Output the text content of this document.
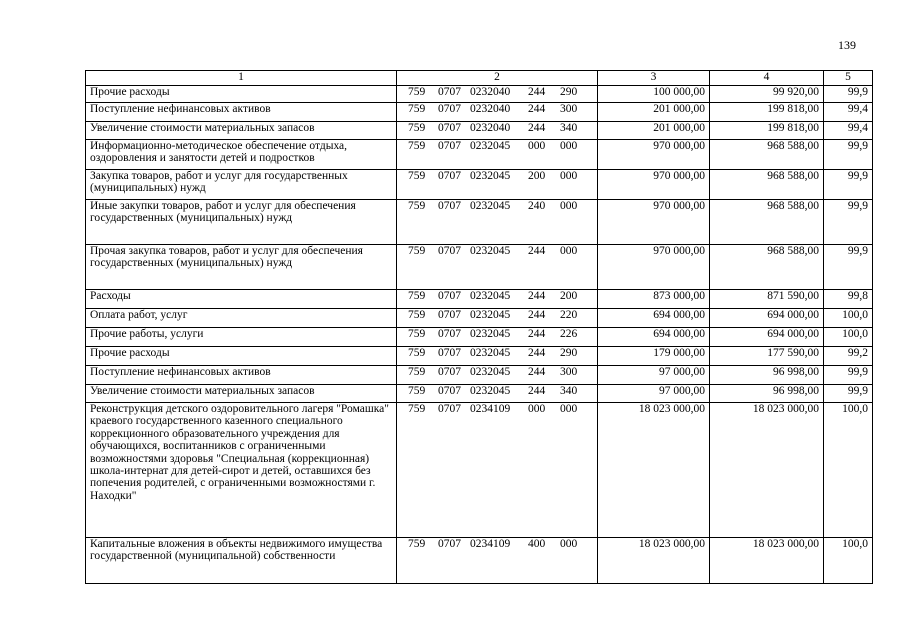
139
1	2	3	4	5
Прочие расходы	759 0707 0232040 244 290	100 000,00	99 920,00	99,9
Поступление нефинансовых активов	759 0707 0232040 244 300	201 000,00	199 818,00	99,4
Увеличение стоимости материальных запасов	759 0707 0232040 244 340	201 000,00	199 818,00	99,4
Информационно-методическое обеспечение отдыха, оздоровления и занятости детей и подростков	759 0707 0232045 000 000	970 000,00	968 588,00	99,9
Закупка товаров, работ и услуг для государственных (муниципальных) нужд	759 0707 0232045 200 000	970 000,00	968 588,00	99,9
Иные закупки товаров, работ и услуг для обеспечения государственных (муниципальных) нужд	759 0707 0232045 240 000	970 000,00	968 588,00	99,9
Прочая закупка товаров, работ и услуг для обеспечения государственных (муниципальных) нужд	759 0707 0232045 244 000	970 000,00	968 588,00	99,9
Расходы	759 0707 0232045 244 200	873 000,00	871 590,00	99,8
Оплата работ, услуг	759 0707 0232045 244 220	694 000,00	694 000,00	100,0
Прочие работы, услуги	759 0707 0232045 244 226	694 000,00	694 000,00	100,0
Прочие расходы	759 0707 0232045 244 290	179 000,00	177 590,00	99,2
Поступление нефинансовых активов	759 0707 0232045 244 300	97 000,00	96 998,00	99,9
Увеличение стоимости материальных запасов	759 0707 0232045 244 340	97 000,00	96 998,00	99,9
Реконструкция детского оздоровительного лагеря "Ромашка" краевого государственного казенного специального коррекционного образовательного учреждения для обучающихся, воспитанников с ограниченными возможностями здоровья "Специальная (коррекционная) школа-интернат для детей-сирот и детей, оставшихся без попечения родителей, с ограниченными возможностями г. Находки"	759 0707 0234109 000 000	18 023 000,00	18 023 000,00	100,0
Капитальные вложения в объекты недвижимого имущества государственной (муниципальной) собственности	759 0707 0234109 400 000	18 023 000,00	18 023 000,00	100,0
